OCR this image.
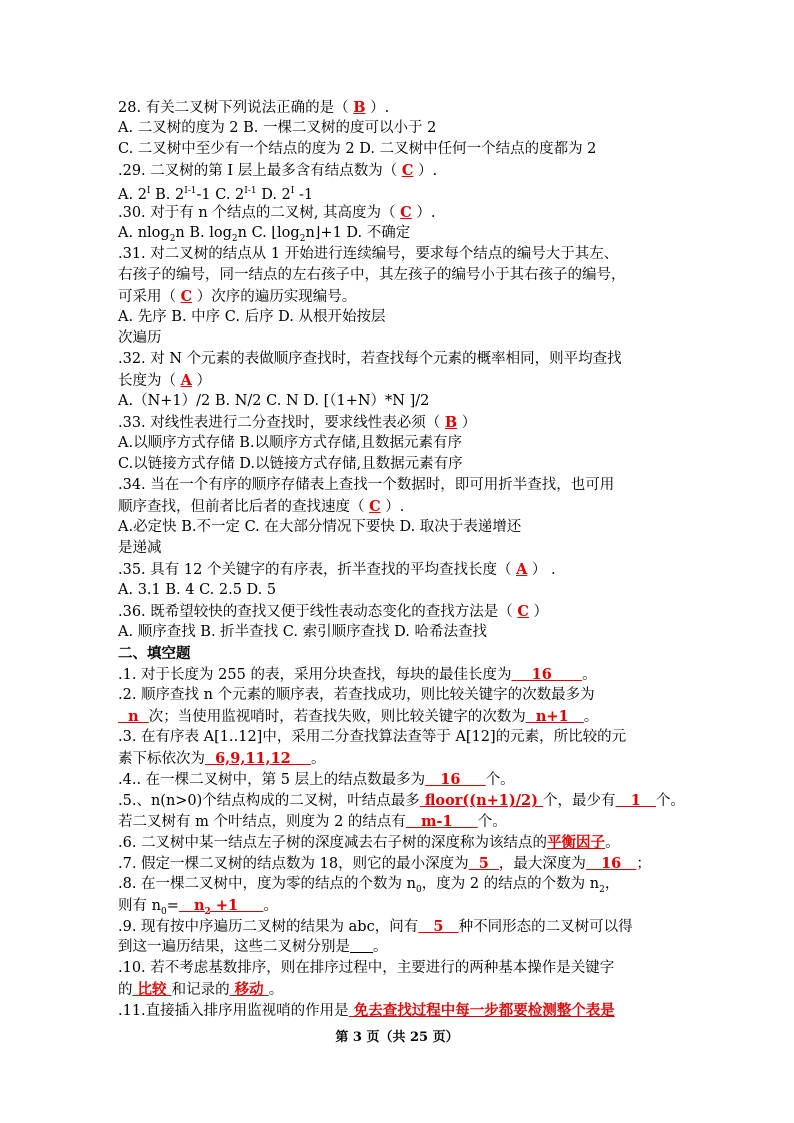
28. 有关二叉树下列说法正确的是（ B ）.
A. 二叉树的度为 2 B. 一棵二叉树的度可以小于 2
C. 二叉树中至少有一个结点的度为 2 D. 二叉树中任何一个结点的度都为 2
.29. 二叉树的第 I 层上最多含有结点数为（ C ）.
A. $2^I$ B. $2^{I-1}-1$ C. $2^{I-1}$ D. $2^I$ -1
.30. 对于有 n 个结点的二叉树, 其高度为（ C ）.
A. nlog$_2$n B. $\log_2n$ C. $⌊\log_2n⌋+1$ D. 不确定
.31. 对二叉树的结点从 1 开始进行连续编号，要求每个结点的编号大于其左、
右孩子的编号，同一结点的左右孩子中，其左孩子的编号小于其右孩子的编号，
可采用（ C ）次序的遍历实现编号。
A. 先序 B. 中序 C. 后序 D. 从根开始按层
次遍历
.32. 对 N 个元素的表做顺序查找时，若查找每个元素的概率相同，则平均查找
长度为（ A ）
A.（N+1）/2 B. N/2 C. N D. [（1+N）*N ]/2
.33. 对线性表进行二分查找时，要求线性表必须（ B ）
A.以顺序方式存储 B.以顺序方式存储,且数据元素有序
C.以链接方式存储 D.以链接方式存储,且数据元素有序
.34. 当在一个有序的顺序存储表上查找一个数据时，即可用折半查找，也可用
顺序查找，但前者比后者的查找速度（ C ）.
A.必定快 B.不一定 C. 在大部分情况下要快 D. 取决于表递增还
是递减
.35. 具有 12 个关键字的有序表，折半查找的平均查找长度（ A ） .
A. 3.1 B. 4 C. 2.5 D. 5
.36. 既希望较快的查找又便于线性表动态变化的查找方法是（ C ）
A. 顺序查找 B. 折半查找 C. 索引顺序查找 D. 哈希法查找
二、填空题
.1. 对于长度为 255 的表，采用分块查找，每块的最佳长度为    16      。
.2. 顺序查找 n 个元素的顺序表，若查找成功，则比较关键字的次数最多为
n  次；当使用监视哨时，若查找失败，则比较关键字的次数为  n+1   。
.3. 在有序表 A[1..12]中，采用二分查找算法查等于 A[12]的元素，所比较的元
素下标依次为  6,9,11,12    。
.4.. 在一棵二叉树中，第 5 层上的结点数最多为   16     个。
.5.、n(n>0)个结点构成的二叉树，叶结点最多 floor((n+1)/2) 个，最少有   1   个。
若二叉树有 m 个叶结点，则度为 2 的结点有   m-1     个。
.6. 二叉树中某一结点左子树的深度减去右子树的深度称为该结点的平衡因子。
.7. 假定一棵二叉树的结点数为 18，则它的最小深度为  5  ，最大深度为   16   ；
.8. 在一棵二叉树中，度为零的结点的个数为 $n_0$，度为 2 的结点的个数为 $n_2$，
则有 $n_0= n_2 +1$     。
.9. 现有按中序遍历二叉树的结果为 abc，问有   5   种不同形态的二叉树可以得
到这一遍历结果，这些二叉树分别是 。
.10. 若不考虑基数排序，则在排序过程中，主要进行的两种基本操作是关键字
的 比较 和记录的 移动 。
.11.直接插入排序用监视哨的作用是 免去查找过程中每一步都要检测整个表是
第 3 页（共 25 页）
